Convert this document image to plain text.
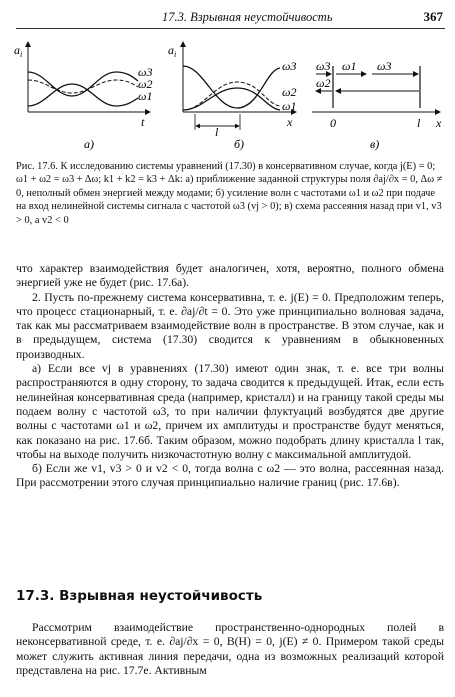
17.3. Взрывная неустойчивость	367
$a_i$
t
ω3
ω2
ω1
а)
$a_i$
x
l
ω3
ω2
ω1
б)
ω3 ω1 ω3
ω2
0	l x
в)
Рис. 17.6. К исследованию системы уравнений (17.30) в консервативном случае, когда j(E) = 0; ω1 + ω2 = ω3 + Δω; k1 + k2 = k3 + Δk: а) приближение заданной структуры поля ∂aj/∂x = 0, Δω ≠ 0, неполный обмен энергией между модами; б) усиление волн с частотами ω1 и ω2 при подаче на вход нелинейной системы сигнала с частотой ω3 (vj > 0); в) схема рассеяния назад при v1, v3 > 0, а v2 < 0

что характер взаимодействия будет аналогичен, хотя, вероятно, полного обмена энергией уже не будет (рис. 17.6а).

2. Пусть по-прежнему система консервативна, т. е. j(E) = 0. Предположим теперь, что процесс стационарный, т. е. ∂aj/∂t = 0. Это уже принципиально волновая задача, так как мы рассматриваем взаимодействие волн в пространстве. В этом случае, как и в предыдущем, система (17.30) сводится к уравнениям в обыкновенных производных.

а) Если все vj в уравнениях (17.30) имеют один знак, т. е. все три волны распространяются в одну сторону, то задача сводится к предыдущей. Итак, если есть нелинейная консервативная среда (например, кристалл) и на границу такой среды мы подаем волну с частотой ω3, то при наличии флуктуаций возбудятся две другие волны с частотами ω1 и ω2, причем их амплитуды и пространстве будут меняться, как показано на рис. 17.6б. Таким образом, можно подобрать длину кристалла l так, чтобы на выходе получить низкочастотную волну с максимальной амплитудой.

б) Если же v1, v3 > 0 и v2 < 0, тогда волна с ω2 — это волна, рассеянная назад. При рассмотрении этого случая принципиально наличие границ (рис. 17.6в).

17.3. Взрывная неустойчивость

Рассмотрим взаимодействие пространственно-однородных полей в неконсервативной среде, т. е. ∂aj/∂x = 0, B(H) = 0, j(E) ≠ 0. Примером такой среды может служить активная линия передачи, одна из возможных реализаций которой представлена на рис. 17.7е. Активным
